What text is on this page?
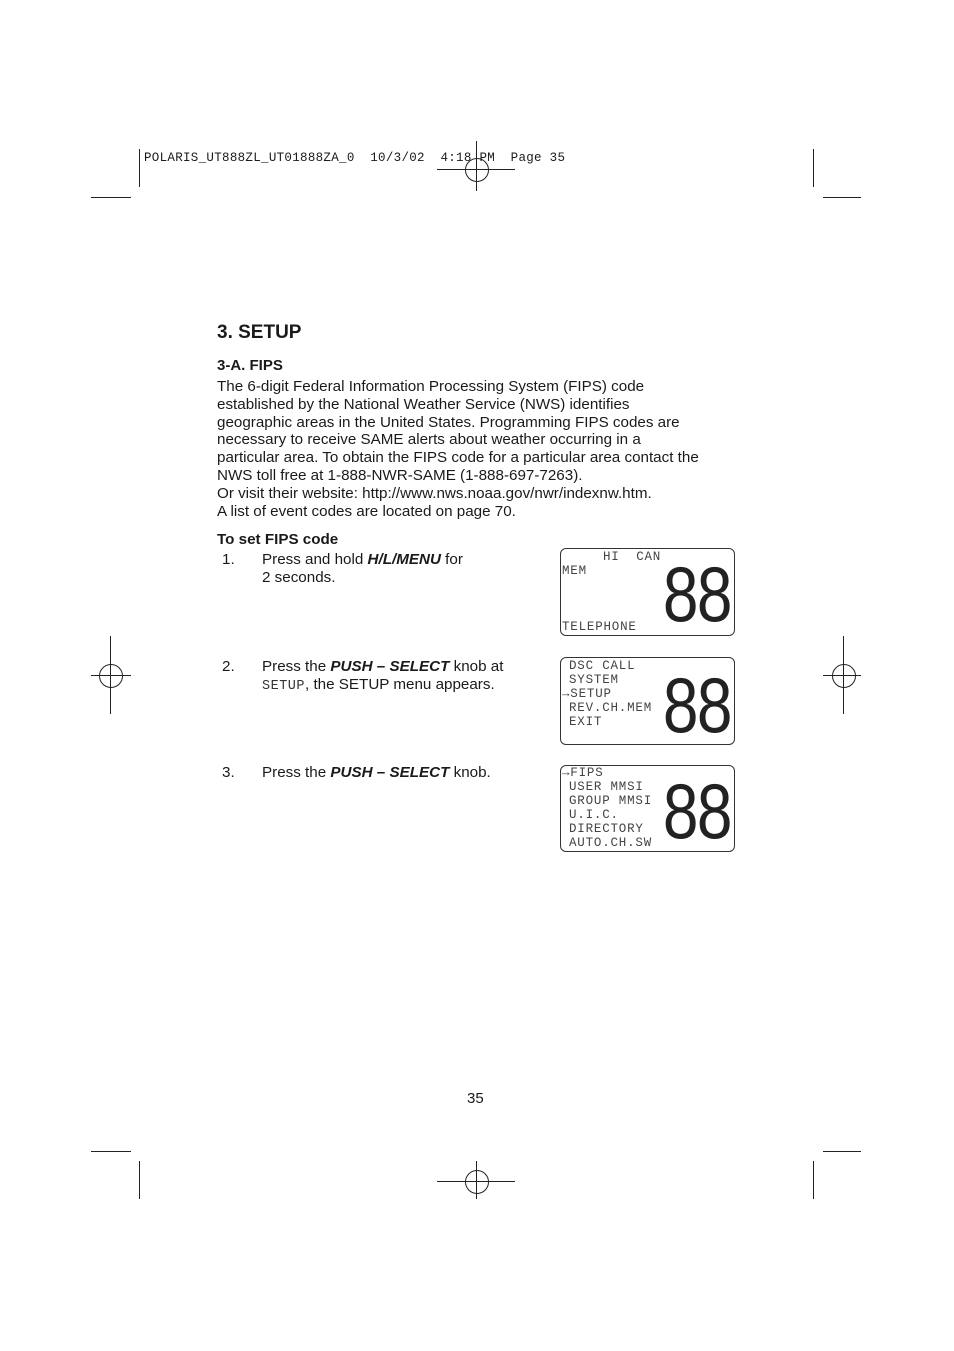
POLARIS_UT888ZL_UT01888ZA_0  10/3/02  4:18 PM  Page 35
3. SETUP
3-A. FIPS
The 6-digit Federal Information Processing System (FIPS) code
established by the National Weather Service (NWS) identifies
geographic areas in the United States. Programming FIPS codes are
necessary to receive SAME alerts about weather occurring in a
particular area. To obtain the FIPS code for a particular area contact the
NWS toll free at 1-888-NWR-SAME (1-888-697-7263).
Or visit their website: http://www.nws.noaa.gov/nwr/indexnw.htm.
A list of event codes are located on page 70.
To set FIPS code
1. Press and hold H/L/MENU for
2 seconds.
2. Press the PUSH – SELECT knob at
SETUP, the SETUP menu appears.
3. Press the PUSH – SELECT knob.
HI  CAN
MEM
TELEPHONE 88
DSC CALL
SYSTEM
→SETUP
REV.CH.MEM
EXIT 88
→FIPS
USER MMSI
GROUP MMSI
U.I.C.
DIRECTORY
AUTO.CH.SW 88
35
